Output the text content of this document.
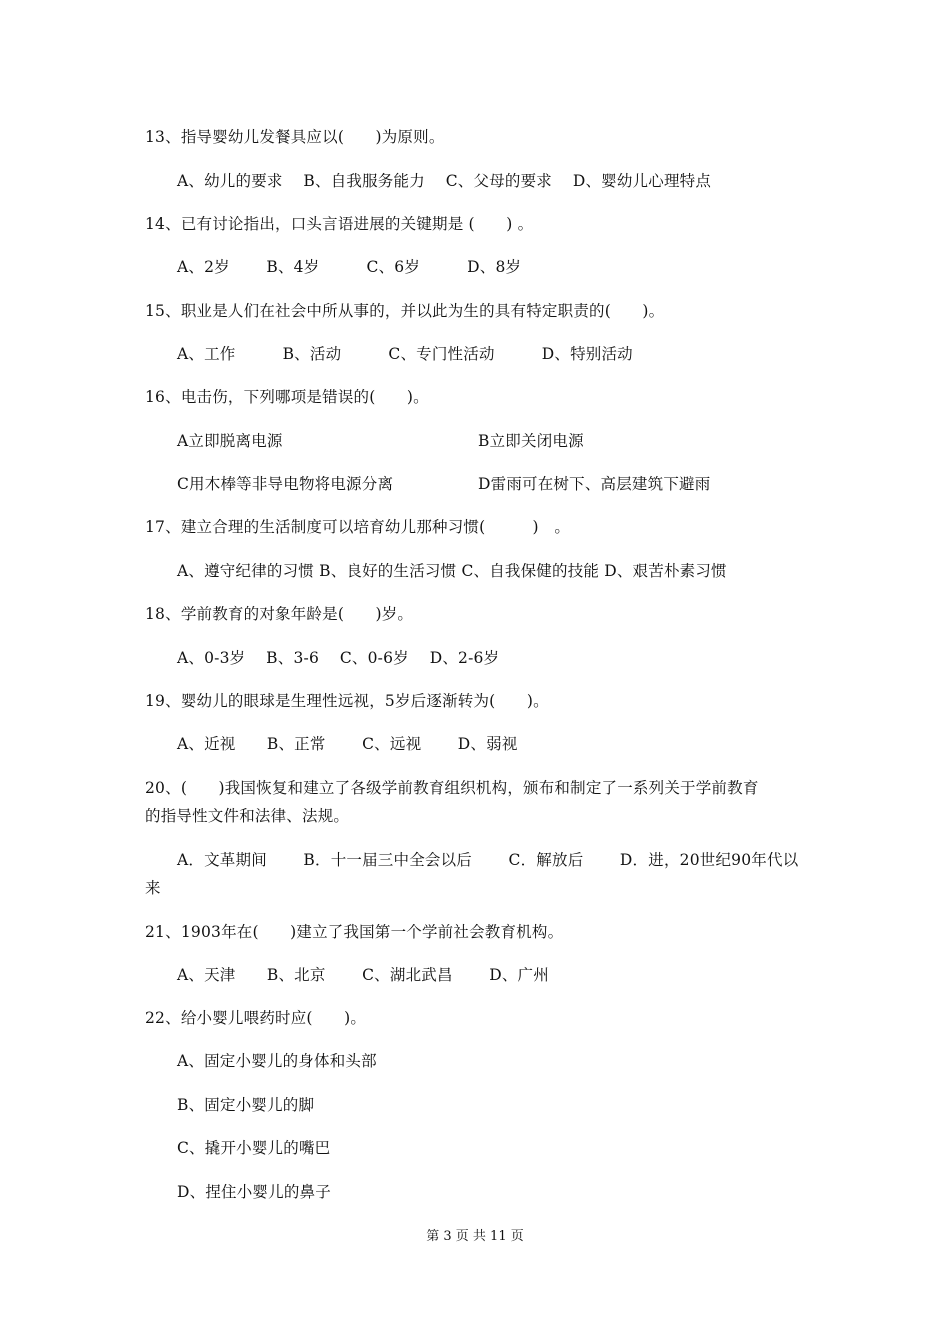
13、指导婴幼儿发餐具应以(　　)为原则。
A、幼儿的要求　 B、自我服务能力　 C、父母的要求　 D、婴幼儿心理特点
14、已有讨论指出，口头言语进展的关键期是 (　　) 。
A、2岁　　 B、4岁　　　C、6岁　　　D、8岁
15、职业是人们在社会中所从事的，并以此为生的具有特定职责的(　　)。
A、工作　　　B、活动　　　C、专门性活动　　　D、特别活动
16、电击伤，下列哪项是错误的(　　)。
A立即脱离电源	B立即关闭电源
C用木棒等非导电物将电源分离	D雷雨可在树下、高层建筑下避雨
17、建立合理的生活制度可以培育幼儿那种习惯(　　　)　。
A、遵守纪律的习惯 B、良好的生活习惯 C、自我保健的技能 D、艰苦朴素习惯
18、学前教育的对象年龄是(　　)岁。
A、0-3岁　 B、3-6　 C、0-6岁　 D、2-6岁
19、婴幼儿的眼球是生理性远视，5岁后逐渐转为(　　)。
A、近视　　B、正常　　 C、远视　　 D、弱视
20、(　　)我国恢复和建立了各级学前教育组织机构，颁布和制定了一系列关于学前教育
的指导性文件和法律、法规。
A．文革期间　　 B．十一届三中全会以后　　 C．解放后　　 D．进，20世纪90年代以
来
21、1903年在(　　)建立了我国第一个学前社会教育机构。
A、天津　　B、北京　　 C、湖北武昌　　 D、广州
22、给小婴儿喂药时应(　　)。
A、固定小婴儿的身体和头部
B、固定小婴儿的脚
C、撬开小婴儿的嘴巴
D、捏住小婴儿的鼻子
第 3 页 共 11 页
